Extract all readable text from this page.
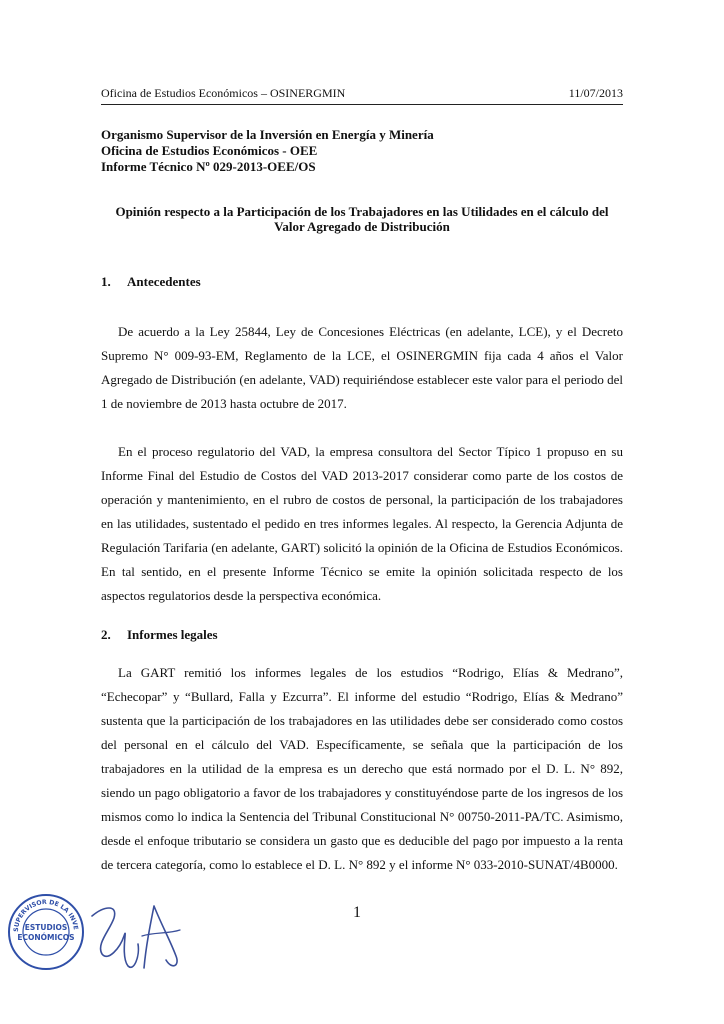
Oficina de Estudios Económicos – OSINERGMIN	11/07/2013
Organismo Supervisor de la Inversión en Energía y Minería
Oficina de Estudios Económicos - OEE
Informe Técnico Nº 029-2013-OEE/OS
Opinión respecto a la Participación de los Trabajadores en las Utilidades en el cálculo del
Valor Agregado de Distribución
1. Antecedentes

De acuerdo a la Ley 25844, Ley de Concesiones Eléctricas (en adelante, LCE), y el Decreto Supremo N° 009-93-EM, Reglamento de la LCE, el OSINERGMIN fija cada 4 años el Valor Agregado de Distribución (en adelante, VAD) requiriéndose establecer este valor para el periodo del 1 de noviembre de 2013 hasta octubre de 2017.

En el proceso regulatorio del VAD, la empresa consultora del Sector Típico 1 propuso en su Informe Final del Estudio de Costos del VAD 2013-2017 considerar como parte de los costos de operación y mantenimiento, en el rubro de costos de personal, la participación de los trabajadores en las utilidades, sustentado el pedido en tres informes legales. Al respecto, la Gerencia Adjunta de Regulación Tarifaria (en adelante, GART) solicitó la opinión de la Oficina de Estudios Económicos. En tal sentido, en el presente Informe Técnico se emite la opinión solicitada respecto de los aspectos regulatorios desde la perspectiva económica.

2. Informes legales

La GART remitió los informes legales de los estudios “Rodrigo, Elías & Medrano”, “Echecopar” y “Bullard, Falla y Ezcurra”. El informe del estudio “Rodrigo, Elías & Medrano” sustenta que la participación de los trabajadores en las utilidades debe ser considerado como costos del personal en el cálculo del VAD. Específicamente, se señala que la participación de los trabajadores en la utilidad de la empresa es un derecho que está normado por el D. L. N° 892, siendo un pago obligatorio a favor de los trabajadores y constituyéndose parte de los ingresos de los mismos como lo indica la Sentencia del Tribunal Constitucional N° 00750-2011-PA/TC. Asimismo, desde el enfoque tributario se considera un gasto que es deducible del pago por impuesto a la renta de tercera categoría, como lo establece el D. L. N° 892 y el informe N° 033-2010-SUNAT/4B0000.

1
SUPERVISOR DE LA INVE
ESTUDIOS
ECONÓMICOS
